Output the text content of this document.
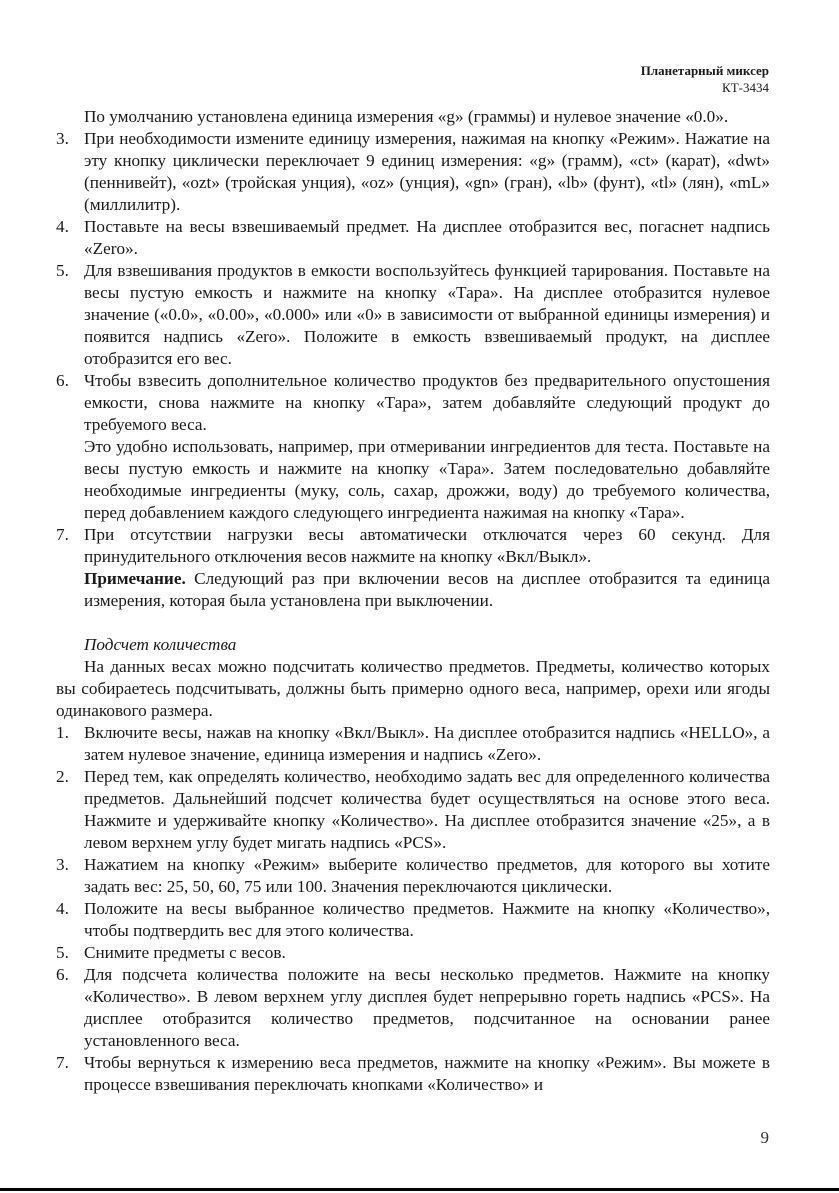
Планетарный миксер
КТ-3434

По умолчанию установлена единица измерения «g» (граммы) и нулевое значение «0.0».

3. При необходимости измените единицу измерения, нажимая на кнопку «Режим». Нажатие на эту кнопку циклически переключает 9 единиц измерения: «g» (грамм), «ct» (карат), «dwt» (пеннивейт), «ozt» (тройская унция), «oz» (унция), «gn» (гран), «lb» (фунт), «tl» (лян), «mL» (миллилитр).

4. Поставьте на весы взвешиваемый предмет. На дисплее отобразится вес, погаснет надпись «Zero».

5. Для взвешивания продуктов в емкости воспользуйтесь функцией тарирования. Поставьте на весы пустую емкость и нажмите на кнопку «Тара». На дисплее отобразится нулевое значение («0.0», «0.00», «0.000» или «0» в зависимости от выбранной единицы измерения) и появится надпись «Zero». Положите в емкость взвешиваемый продукт, на дисплее отобразится его вес.

6. Чтобы взвесить дополнительное количество продуктов без предварительного опустошения емкости, снова нажмите на кнопку «Тара», затем добавляйте следующий продукт до требуемого веса.

Это удобно использовать, например, при отмеривании ингредиентов для теста. Поставьте на весы пустую емкость и нажмите на кнопку «Тара». Затем последовательно добавляйте необходимые ингредиенты (муку, соль, сахар, дрожжи, воду) до требуемого количества, перед добавлением каждого следующего ингредиента нажимая на кнопку «Тара».

7. При отсутствии нагрузки весы автоматически отключатся через 60 секунд. Для принудительного отключения весов нажмите на кнопку «Вкл/Выкл».

Примечание. Следующий раз при включении весов на дисплее отобразится та единица измерения, которая была установлена при выключении.

Подсчет количества

На данных весах можно подсчитать количество предметов. Предметы, количество которых вы собираетесь подсчитывать, должны быть примерно одного веса, например, орехи или ягоды одинакового размера.

1. Включите весы, нажав на кнопку «Вкл/Выкл». На дисплее отобразится надпись «HELLO», а затем нулевое значение, единица измерения и надпись «Zero».

2. Перед тем, как определять количество, необходимо задать вес для определенного количества предметов. Дальнейший подсчет количества будет осуществляться на основе этого веса. Нажмите и удерживайте кнопку «Количество». На дисплее отобразится значение «25», а в левом верхнем углу будет мигать надпись «PCS».

3. Нажатием на кнопку «Режим» выберите количество предметов, для которого вы хотите задать вес: 25, 50, 60, 75 или 100. Значения переключаются циклически.

4. Положите на весы выбранное количество предметов. Нажмите на кнопку «Количество», чтобы подтвердить вес для этого количества.

5. Снимите предметы с весов.

6. Для подсчета количества положите на весы несколько предметов. Нажмите на кнопку «Количество». В левом верхнем углу дисплея будет непрерывно гореть надпись «PCS». На дисплее отобразится количество предметов, подсчитанное на основании ранее установленного веса.

7. Чтобы вернуться к измерению веса предметов, нажмите на кнопку «Режим». Вы можете в процессе взвешивания переключать кнопками «Количество» и

9
